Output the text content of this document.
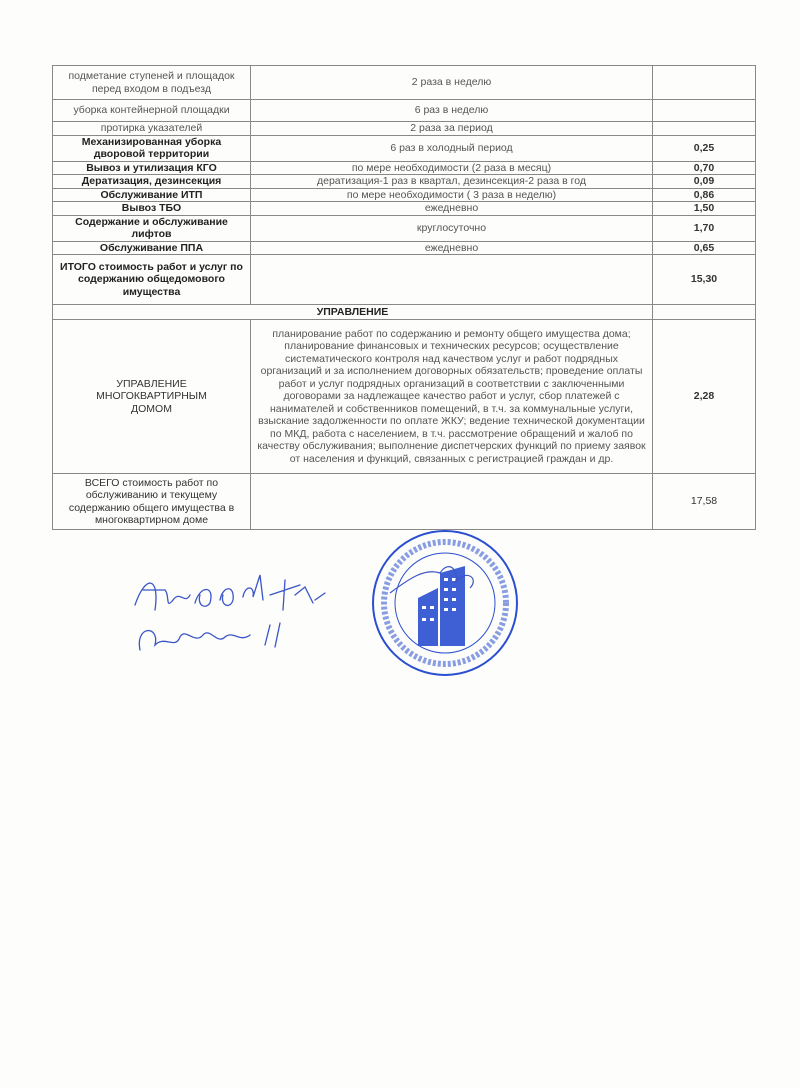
подметание ступеней и площадок перед входом в подъезд	2 раза в неделю	
уборка контейнерной площадки	6 раз в неделю	
протирка указателей	2 раза за период	
Механизированная уборка дворовой территории	6 раз в холодный период	0,25
Вывоз и утилизация КГО	по мере необходимости (2 раза в месяц)	0,70
Дератизация, дезинсекция	дератизация-1 раз в квартал, дезинсекция-2 раза в год	0,09
Обслуживание ИТП	по мере необходимости ( 3 раза в неделю)	0,86
Вывоз ТБО	ежедневно	1,50
Содержание и обслуживание лифтов	круглосуточно	1,70
Обслуживание ППА	ежедневно	0,65
ИТОГО стоимость работ и услуг по содержанию общедомового имущества		15,30
УПРАВЛЕНИЕ		
УПРАВЛЕНИЕ МНОГОКВАРТИРНЫМ ДОМОМ	планирование работ по содержанию и ремонту общего имущества дома; планирование финансовых и технических ресурсов; осуществление систематического контроля над качеством услуг и работ подрядных организаций и за исполнением договорных обязательств; проведение оплаты работ и услуг подрядных организаций в соответствии с заключенными договорами за надлежащее качество работ и услуг, сбор платежей с нанимателей и собственников помещений, в т.ч. за коммунальные услуги, взыскание задолженности по оплате ЖКУ; ведение технической документации по МКД, работа с населением, в т.ч. рассмотрение обращений и жалоб по качеству обслуживания; выполнение диспетчерских функций по приему заявок от населения и функций, связанных с регистрацией граждан и др.	2,28
ВСЕГО стоимость работ по обслуживанию и текущему содержанию общего имущества в многоквартирном доме		17,58
